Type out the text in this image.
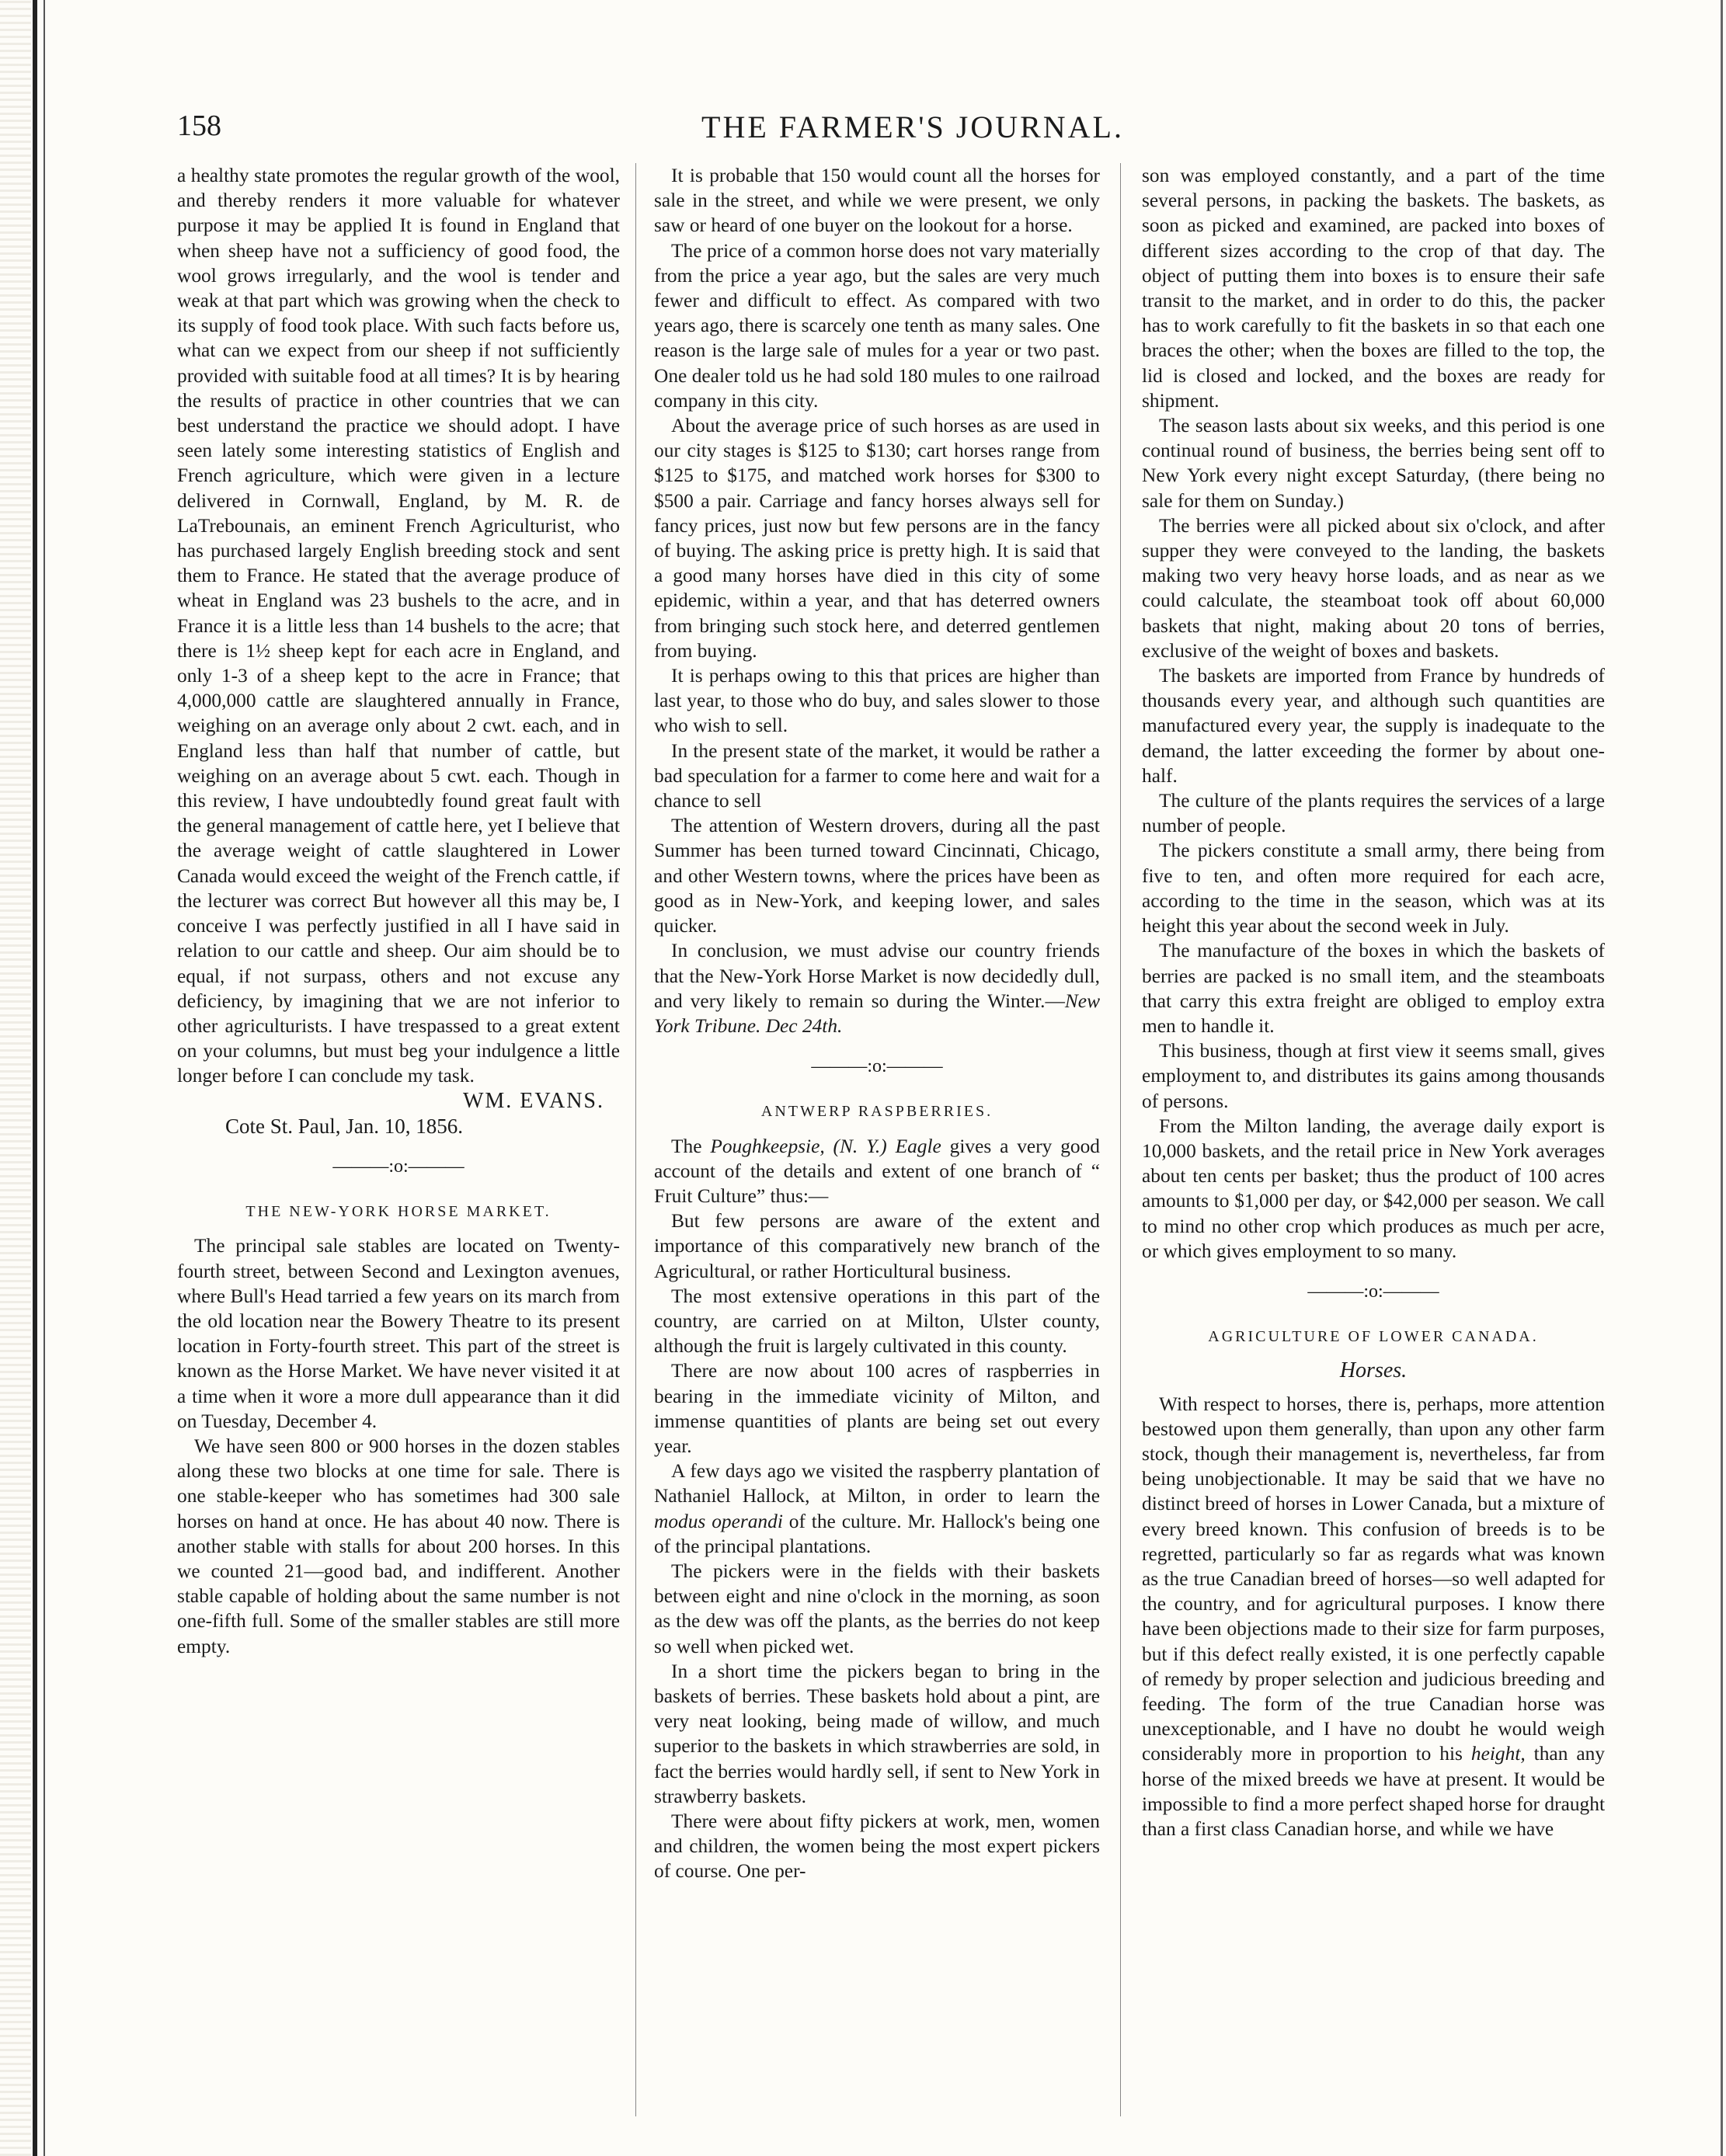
158	THE FARMER'S JOURNAL.

a healthy state promotes the regular growth of the wool, and thereby renders it more valuable for whatever purpose it may be applied It is found in England that when sheep have not a sufficiency of good food, the wool grows irregularly, and the wool is tender and weak at that part which was growing when the check to its supply of food took place. With such facts before us, what can we expect from our sheep if not sufficiently provided with suitable food at all times? It is by hearing the results of practice in other countries that we can best understand the practice we should adopt. I have seen lately some interesting statistics of English and French agriculture, which were given in a lecture delivered in Cornwall, England, by M. R. de LaTrebounais, an eminent French Agriculturist, who has purchased largely English breeding stock and sent them to France. He stated that the average produce of wheat in England was 23 bushels to the acre, and in France it is a little less than 14 bushels to the acre; that there is 1½ sheep kept for each acre in England, and only 1-3 of a sheep kept to the acre in France; that 4,000,000 cattle are slaughtered annually in France, weighing on an average only about 2 cwt. each, and in England less than half that number of cattle, but weighing on an average about 5 cwt. each. Though in this review, I have undoubtedly found great fault with the general management of cattle here, yet I believe that the average weight of cattle slaughtered in Lower Canada would exceed the weight of the French cattle, if the lecturer was correct But however all this may be, I conceive I was perfectly justified in all I have said in relation to our cattle and sheep. Our aim should be to equal, if not surpass, others and not excuse any deficiency, by imagining that we are not inferior to other agriculturists. I have trespassed to a great extent on your columns, but must beg your indulgence a little longer before I can conclude my task.

WM. EVANS.

Cote St. Paul, Jan. 10, 1856.

———:o:———
THE NEW-YORK HORSE MARKET.

The principal sale stables are located on Twenty-fourth street, between Second and Lexington avenues, where Bull's Head tarried a few years on its march from the old location near the Bowery Theatre to its present location in Forty-fourth street. This part of the street is known as the Horse Market. We have never visited it at a time when it wore a more dull appearance than it did on Tuesday, December 4.

We have seen 800 or 900 horses in the dozen stables along these two blocks at one time for sale. There is one stable-keeper who has sometimes had 300 sale horses on hand at once. He has about 40 now. There is another stable with stalls for about 200 horses. In this we counted 21—good bad, and indifferent. Another stable capable of holding about the same number is not one-fifth full. Some of the smaller stables are still more empty.

It is probable that 150 would count all the horses for sale in the street, and while we were present, we only saw or heard of one buyer on the lookout for a horse.

The price of a common horse does not vary materially from the price a year ago, but the sales are very much fewer and difficult to effect. As compared with two years ago, there is scarcely one tenth as many sales. One reason is the large sale of mules for a year or two past. One dealer told us he had sold 180 mules to one railroad company in this city.

About the average price of such horses as are used in our city stages is $125 to $130; cart horses range from $125 to $175, and matched work horses for $300 to $500 a pair. Carriage and fancy horses always sell for fancy prices, just now but few persons are in the fancy of buying. The asking price is pretty high. It is said that a good many horses have died in this city of some epidemic, within a year, and that has deterred owners from bringing such stock here, and deterred gentlemen from buying.

It is perhaps owing to this that prices are higher than last year, to those who do buy, and sales slower to those who wish to sell.

In the present state of the market, it would be rather a bad speculation for a farmer to come here and wait for a chance to sell

The attention of Western drovers, during all the past Summer has been turned toward Cincinnati, Chicago, and other Western towns, where the prices have been as good as in New-York, and keeping lower, and sales quicker.

In conclusion, we must advise our country friends that the New-York Horse Market is now decidedly dull, and very likely to remain so during the Winter.—New York Tribune. Dec 24th.

———:o:———
ANTWERP RASPBERRIES.

The Poughkeepsie, (N. Y.) Eagle gives a very good account of the details and extent of one branch of “ Fruit Culture” thus:—

But few persons are aware of the extent and importance of this comparatively new branch of the Agricultural, or rather Horticultural business.

The most extensive operations in this part of the country, are carried on at Milton, Ulster county, although the fruit is largely cultivated in this county.

There are now about 100 acres of raspberries in bearing in the immediate vicinity of Milton, and immense quantities of plants are being set out every year.

A few days ago we visited the raspberry plantation of Nathaniel Hallock, at Milton, in order to learn the modus operandi of the culture. Mr. Hallock's being one of the principal plantations.

The pickers were in the fields with their baskets between eight and nine o'clock in the morning, as soon as the dew was off the plants, as the berries do not keep so well when picked wet.

In a short time the pickers began to bring in the baskets of berries. These baskets hold about a pint, are very neat looking, being made of willow, and much superior to the baskets in which strawberries are sold, in fact the berries would hardly sell, if sent to New York in strawberry baskets.

There were about fifty pickers at work, men, women and children, the women being the most expert pickers of course. One per-

son was employed constantly, and a part of the time several persons, in packing the baskets. The baskets, as soon as picked and examined, are packed into boxes of different sizes according to the crop of that day. The object of putting them into boxes is to ensure their safe transit to the market, and in order to do this, the packer has to work carefully to fit the baskets in so that each one braces the other; when the boxes are filled to the top, the lid is closed and locked, and the boxes are ready for shipment.

The season lasts about six weeks, and this period is one continual round of business, the berries being sent off to New York every night except Saturday, (there being no sale for them on Sunday.)

The berries were all picked about six o'clock, and after supper they were conveyed to the landing, the baskets making two very heavy horse loads, and as near as we could calculate, the steamboat took off about 60,000 baskets that night, making about 20 tons of berries, exclusive of the weight of boxes and baskets.

The baskets are imported from France by hundreds of thousands every year, and although such quantities are manufactured every year, the supply is inadequate to the demand, the latter exceeding the former by about one-half.

The culture of the plants requires the services of a large number of people.

The pickers constitute a small army, there being from five to ten, and often more required for each acre, according to the time in the season, which was at its height this year about the second week in July.

The manufacture of the boxes in which the baskets of berries are packed is no small item, and the steamboats that carry this extra freight are obliged to employ extra men to handle it.

This business, though at first view it seems small, gives employment to, and distributes its gains among thousands of persons.

From the Milton landing, the average daily export is 10,000 baskets, and the retail price in New York averages about ten cents per basket; thus the product of 100 acres amounts to $1,000 per day, or $42,000 per season. We call to mind no other crop which produces as much per acre, or which gives employment to so many.

———:o:———
AGRICULTURE OF LOWER CANADA.
Horses.

With respect to horses, there is, perhaps, more attention bestowed upon them generally, than upon any other farm stock, though their management is, nevertheless, far from being unobjectionable. It may be said that we have no distinct breed of horses in Lower Canada, but a mixture of every breed known. This confusion of breeds is to be regretted, particularly so far as regards what was known as the true Canadian breed of horses—so well adapted for the country, and for agricultural purposes. I know there have been objections made to their size for farm purposes, but if this defect really existed, it is one perfectly capable of remedy by proper selection and judicious breeding and feeding. The form of the true Canadian horse was unexceptionable, and I have no doubt he would weigh considerably more in proportion to his height, than any horse of the mixed breeds we have at present. It would be impossible to find a more perfect shaped horse for draught than a first class Canadian horse, and while we have
